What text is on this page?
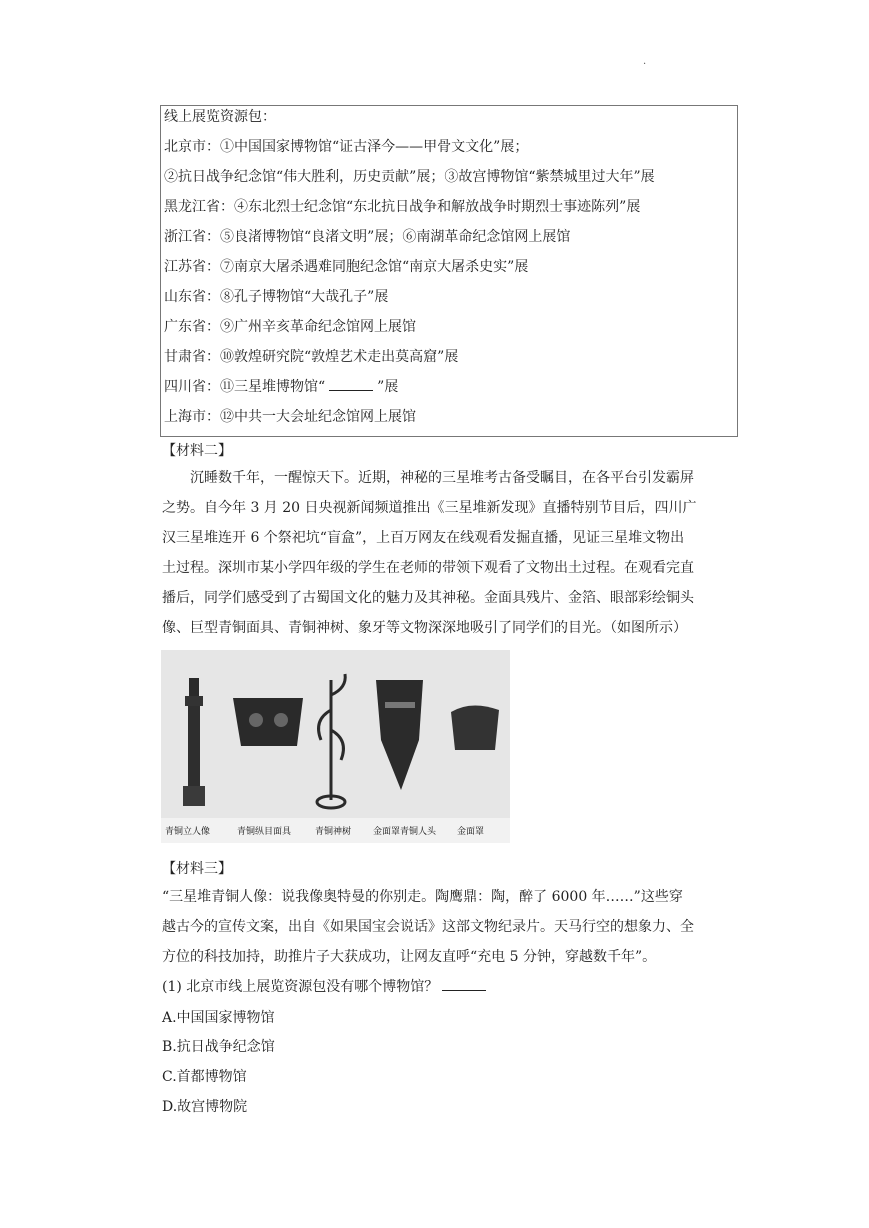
.
线上展览资源包：
北京市：①中国国家博物馆“证古泽今——甲骨文文化”展；
②抗日战争纪念馆“伟大胜利，历史贡献”展；③故宫博物馆“紫禁城里过大年”展
黑龙江省：④东北烈士纪念馆“东北抗日战争和解放战争时期烈士事迹陈列”展
浙江省：⑤良渚博物馆“良渚文明”展；⑥南湖革命纪念馆网上展馆
江苏省：⑦南京大屠杀遇难同胞纪念馆“南京大屠杀史实”展
山东省：⑧孔子博物馆“大哉孔子”展
广东省：⑨广州辛亥革命纪念馆网上展馆
甘肃省：⑩敦煌研究院“敦煌艺术走出莫高窟”展
四川省：⑪三星堆博物馆“	”展
上海市：⑫中共一大会址纪念馆网上展馆
【材料二】
　　沉睡数千年，一醒惊天下。近期，神秘的三星堆考古备受瞩目，在各平台引发霸屏
之势。自今年 3 月 20 日央视新闻频道推出《三星堆新发现》直播特别节目后，四川广
汉三星堆连开 6 个祭祀坑“盲盒”，上百万网友在线观看发掘直播，见证三星堆文物出
土过程。深圳市某小学四年级的学生在老师的带领下观看了文物出土过程。在观看完直
播后，同学们感受到了古蜀国文化的魅力及其神秘。金面具残片、金箔、眼部彩绘铜头
像、巨型青铜面具、青铜神树、象牙等文物深深地吸引了同学们的目光。（如图所示）
青铜立人像	青铜纵目面具	青铜神树 金面罩青铜人头 金面罩
【材料三】
“三星堆青铜人像：说我像奥特曼的你别走。陶鹰鼎：陶，醉了 6000 年……”这些穿
越古今的宣传文案，出自《如果国宝会说话》这部文物纪录片。天马行空的想象力、全
方位的科技加持，助推片子大获成功，让网友直呼“充电 5 分钟，穿越数千年”。
(1) 北京市线上展览资源包没有哪个博物馆？
A.中国国家博物馆
B.抗日战争纪念馆
C.首都博物馆
D.故宫博物院
